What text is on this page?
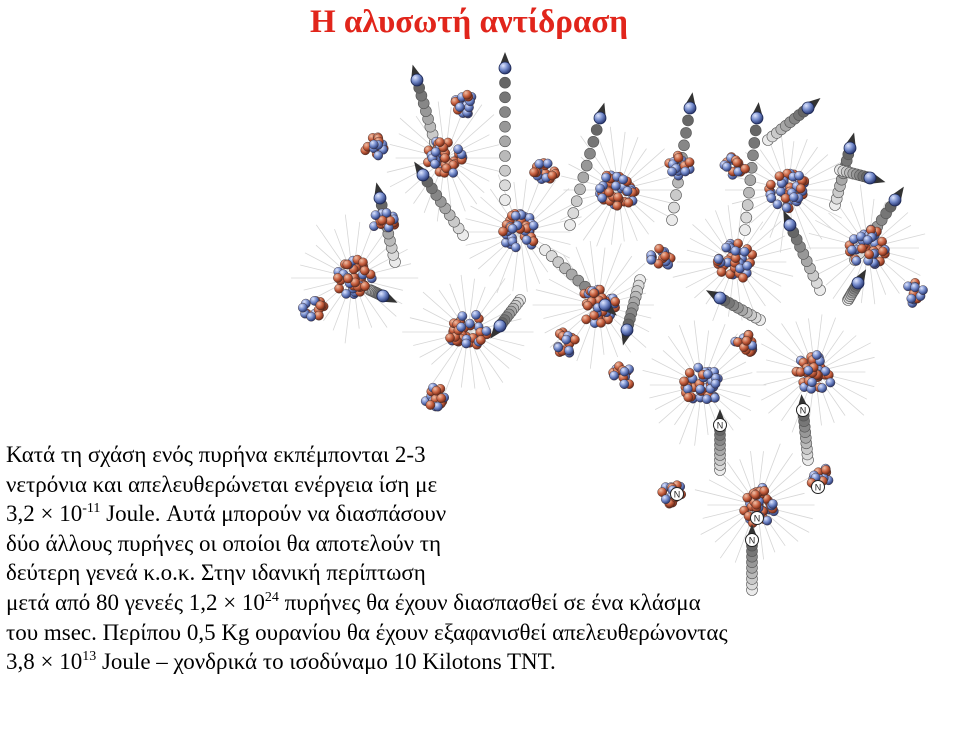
Η αλυσωτή αντίδραση
N
N
N
N
N
N
Κατά τη σχάση ενός πυρήνα εκπέμπονται 2-3
νετρόνια και απελευθερώνεται ενέργεια ίση με
$3,2 \times 10^{-11}$ Joule. Αυτά μπορούν να διασπάσουν
δύο άλλους πυρήνες οι οποίοι θα αποτελούν τη
δεύτερη γενεά κ.ο.κ. Στην ιδανική περίπτωση
μετά από 80 γενεές $1,2 \times 10^{24}$ πυρήνες θα έχουν διασπασθεί σε ένα κλάσμα
του msec. Περίπου 0,5 Kg ουρανίου θα έχουν εξαφανισθεί απελευθερώνοντας
$3,8 \times 10^{13}$ Joule – χονδρικά το ισοδύναμο 10 Kilotons TNT.
